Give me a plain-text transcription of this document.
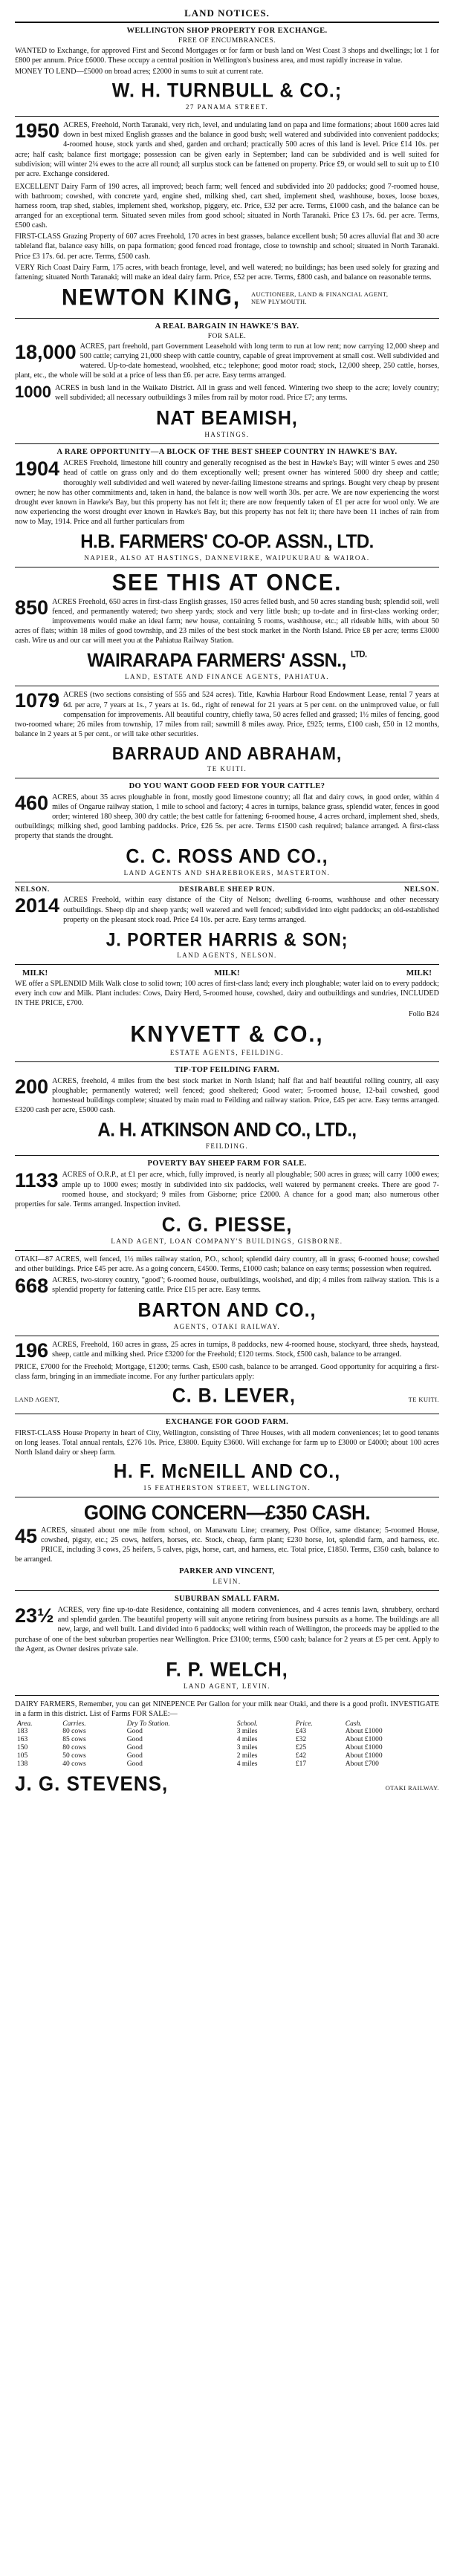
LAND NOTICES.
WELLINGTON SHOP PROPERTY FOR EXCHANGE.
FREE OF ENCUMBRANCES.
WANTED to Exchange, for approved First and Second Mortgages or for farm or bush land on West Coast 3 shops and dwellings; lot 1 for £800 per annum. Price £6000. These occupy a central position in Wellington's business area, and most rapidly increase in value.
MONEY TO LEND—£5000 on broad acres; £2000 in sums to suit at current rate.
W. H. TURNBULL & CO.;
27 PANAMA STREET.
1950 ACRES, Freehold, North Taranaki, very rich, level, and undulating land on papa and lime formations; about 1600 acres laid down in best mixed English grasses and the balance in good bush; well watered and subdivided into convenient paddocks; 4-roomed house, stock yards and shed, garden and orchard; practically 500 acres of this land is level. Price £14 10s. per acre; half cash; balance first mortgage; possession can be given early in September; land can be subdivided and is well suited for subdivision; will winter 2¼ ewes to the acre all round; all surplus stock can be fattened on property. Price £9, or would sell to suit up to £10 per acre. Exchange considered.
EXCELLENT Dairy Farm of 190 acres, all improved; beach farm; well fenced and subdivided into 20 paddocks; good 7-roomed house, with bathroom; cowshed, with concrete yard, engine shed, milking shed, cart shed, implement shed, washhouse, boxes, loose boxes, harness room, trap shed, stables, implement shed, workshop, piggery, etc. Price, £32 per acre. Terms, £1000 cash, and the balance can be arranged for an exceptional term. Situated seven miles from good school; situated in North Taranaki. Price £3 17s. 6d. per acre. Terms, £500 cash.
FIRST-CLASS Grazing Property of 607 acres Freehold, 170 acres in best grasses, balance excellent bush; 50 acres alluvial flat and 30 acre tableland flat, balance easy hills, on papa formation; good fenced road frontage, close to township and school; situated in North Taranaki. Price £3 17s. 6d. per acre. Terms, £500 cash.
VERY Rich Coast Dairy Farm, 175 acres, with beach frontage, level, and well watered; no buildings; has been used solely for grazing and fattening; situated North Taranaki; will make an ideal dairy farm. Price, £52 per acre. Terms, £800 cash, and balance on reasonable terms.
NEWTON KING, AUCTIONEER, LAND & FINANCIAL AGENT, NEW PLYMOUTH.
A REAL BARGAIN IN HAWKE'S BAY.
FOR SALE.
18,000 ACRES, part freehold, part Government Leasehold with long term to run at low rent; now carrying 12,000 sheep and 500 cattle; carrying 21,000 sheep with cattle country, capable of great improvement at small cost. Well subdivided and watered. Up-to-date homestead, woolshed, etc.; telephone; good motor road; stock, 12,000 sheep, 250 cattle, horses, plant, etc., the whole will be sold at a price of less than £6. per acre. Easy terms arranged.
1000 ACRES in bush land in the Waikato District. All in grass and well fenced. Wintering two sheep to the acre; lovely country; well subdivided; all necessary outbuildings 3 miles from rail by motor road. Price £7; any terms.
NAT BEAMISH,
HASTINGS.
A RARE OPPORTUNITY—A BLOCK OF THE BEST SHEEP COUNTRY IN HAWKE'S BAY.
1904 ACRES Freehold, limestone hill country and generally recognised as the best in Hawke's Bay; will winter 5 ewes and 250 head of cattle on grass only and do them exceptionally well; present owner has wintered 5000 dry sheep and cattle; thoroughly well subdivided and well watered by never-failing limestone streams and springs. Bought very cheap by present owner; he now has other commitments and, taken in hand, the balance is now well worth 30s. per acre. We are now experiencing the worst drought ever known in Hawke's Bay, but this property has not felt it; there are now frequently taken of £1 per acre for wool only. We are now experiencing the worst drought ever known in Hawke's Bay, but this property has not felt it; there have been 11 inches of rain from now to May, 1914. Price and all further particulars from
H.B. FARMERS' CO-OP. ASSN., LTD.
NAPIER, ALSO AT HASTINGS, DANNEVIRKE, WAIPUKURAU & WAIROA.
SEE THIS AT ONCE.
850 ACRES Freehold, 650 acres in first-class English grasses, 150 acres felled bush, and 50 acres standing bush; splendid soil, well fenced, and permanently watered; two sheep yards; stock and very little bush; up to-date and in first-class working order; improvements would make an ideal farm; new house, containing 5 rooms, washhouse, etc.; all rideable hills, with about 50 acres of flats; within 18 miles of good township, and 23 miles of the best stock market in the North Island. Price £8 per acre; terms £3000 cash. Wire us and our car will meet you at the Pahiatua Railway Station.
WAIRARAPA FARMERS' ASSN., $^{LTD.}$
LAND, ESTATE AND FINANCE AGENTS, PAHIATUA.
1079 ACRES (two sections consisting of 555 and 524 acres). Title, Kawhia Harbour Road Endowment Lease, rental 7 years at 6d. per acre, 7 years at 1s., 7 years at 1s. 6d., right of renewal for 21 years at 5 per cent. on the unimproved value, or full compensation for improvements. All beautiful country, chiefly tawa, 50 acres felled and grassed; 1½ miles of fencing, good two-roomed whare; 26 miles from township, 17 miles from rail; sawmill 8 miles away. Price, £925; terms, £100 cash, £50 in 12 months, balance in 2 years at 5 per cent., or will take other securities.
BARRAUD AND ABRAHAM,
TE KUITI.
DO YOU WANT GOOD FEED FOR YOUR CATTLE?
460 ACRES, about 35 acres ploughable in front, mostly good limestone country; all flat and dairy cows, in good order, within 4 miles of Ongarue railway station, 1 mile to school and factory; 4 acres in turnips, balance grass, splendid water, fences in good order; wintered 180 sheep, 300 dry cattle; the best cattle for fattening; 6-roomed house, 4 acres orchard, implement shed, sheds, outbuildings; milking shed, good lambing paddocks. Price, £26 5s. per acre. Terms £1500 cash required; balance arranged. A first-class property that stands the drought.
C. C. ROSS AND CO.,
LAND AGENTS AND SHAREBROKERS, MASTERTON.
NELSON.	DESIRABLE SHEEP RUN.	NELSON.
2014 ACRES Freehold, within easy distance of the City of Nelson; dwelling 6-rooms, washhouse and other necessary outbuildings. Sheep dip and sheep yards; well watered and well fenced; subdivided into eight paddocks; an old-established property on the pleasant stock road. Price £4 10s. per acre. Easy terms arranged.
J. PORTER HARRIS & SON;
LAND AGENTS, NELSON.
MILK!	MILK!	MILK!
WE offer a SPLENDID Milk Walk close to solid town; 100 acres of first-class land; every inch ploughable; water laid on to every paddock; every inch cow and Milk. Plant includes: Cows, Dairy Herd, 5-roomed house, cowshed, dairy and outbuildings and sundries, INCLUDED IN THE PRICE, £700.
Folio B24
KNYVETT & CO.,
ESTATE AGENTS, FEILDING.
TIP-TOP FEILDING FARM.
200 ACRES, freehold, 4 miles from the best stock market in North Island; half flat and half beautiful rolling country, all easy ploughable; permanently watered; well fenced; good sheltered; Good water; 5-roomed house, 12-bail cowshed, good homestead buildings complete; situated by main road to Feilding and railway station. Price, £45 per acre. Easy terms arranged. £3200 cash per acre, £5000 cash.
A. H. ATKINSON AND CO., LTD.,
FEILDING.
POVERTY BAY SHEEP FARM FOR SALE.
1133 ACRES of O.R.P., at £1 per acre, which, fully improved, is nearly all ploughable; 500 acres in grass; will carry 1000 ewes; ample up to 1000 ewes; mostly in subdivided into six paddocks, well watered by permanent creeks. There are good 7-roomed house, and stockyard; 9 miles from Gisborne; price £2000. A chance for a good man; also numerous other properties for sale. Terms arranged. Inspection invited.
C. G. PIESSE,
LAND AGENT, LOAN COMPANY'S BUILDINGS, GISBORNE.
OTAKI—87 ACRES, well fenced, 1½ miles railway station, P.O., school; splendid dairy country, all in grass; 6-roomed house; cowshed and other buildings. Price £45 per acre. As a going concern, £4500. Terms, £1000 cash; balance on easy terms; possession when required.
668 ACRES, two-storey country, "good"; 6-roomed house, outbuildings, woolshed, and dip; 4 miles from railway station. This is a splendid property for fattening cattle. Price £15 per acre. Easy terms.
BARTON AND CO.,
AGENTS, OTAKI RAILWAY.
196 ACRES, Freehold, 160 acres in grass, 25 acres in turnips, 8 paddocks, new 4-roomed house, stockyard, three sheds, haystead, sheep, cattle and milking shed. Price £3200 for the Freehold; £120 terms. Stock, £500 cash, balance to be arranged.
PRICE, £7000 for the Freehold; Mortgage, £1200; terms. Cash, £500 cash, balance to be arranged. Good opportunity for acquiring a first-class farm, bringing in an immediate income. For any further particulars apply:
LAND AGENT,	C. B. LEVER,	TE KUITI.
EXCHANGE FOR GOOD FARM.
FIRST-CLASS House Property in heart of City, Wellington, consisting of Three Houses, with all modern conveniences; let to good tenants on long leases. Total annual rentals, £276 10s. Price, £3800. Equity £3600. Will exchange for farm up to £3000 or £4000; about 100 acres North Island dairy or sheep farm.
H. F. McNEILL AND CO.,
15 FEATHERSTON STREET, WELLINGTON.
GOING CONCERN—£350 CASH.
45 ACRES, situated about one mile from school, on Manawatu Line; creamery, Post Office, same distance; 5-roomed House, cowshed, pigsty, etc.; 25 cows, heifers, horses, etc. Stock, cheap, farm plant; £230 horse, lot, splendid farm, and harness, etc. PRICE, including 3 cows, 25 heifers, 5 calves, pigs, horse, cart, and harness, etc. Total price, £1850. Terms, £350 cash, balance to be arranged.
PARKER AND VINCENT,
LEVIN.
SUBURBAN SMALL FARM.
23½ ACRES, very fine up-to-date Residence, containing all modern conveniences, and 4 acres tennis lawn, shrubbery, orchard and splendid garden. The beautiful property will suit anyone retiring from business pursuits as a home. The buildings are all new, large, and well built. Land divided into 6 paddocks; well within reach of Wellington, the proceeds may be applied to the purchase of one of the best suburban properties near Wellington. Price £3100; terms, £500 cash; balance for 2 years at £5 per cent. Apply to the Agent, as Owner desires private sale.
F. P. WELCH,
LAND AGENT, LEVIN.
DAIRY FARMERS, Remember, you can get NINEPENCE Per Gallon for your milk near Otaki, and there is a good profit. INVESTIGATE in a farm in this district. List of Farms FOR SALE:—
Area.	Carries.	Dry To Station.	School.	Price.	Cash.
183	80 cows	Good	3 miles	£43	About £1000
163	85 cows	Good	4 miles	£32	About £1000
150	80 cows	Good	3 miles	£25	About £1000
105	50 cows	Good	2 miles	£42	About £1000
138	40 cows	Good	4 miles	£17	About £700
J. G. STEVENS,	OTAKI RAILWAY.
